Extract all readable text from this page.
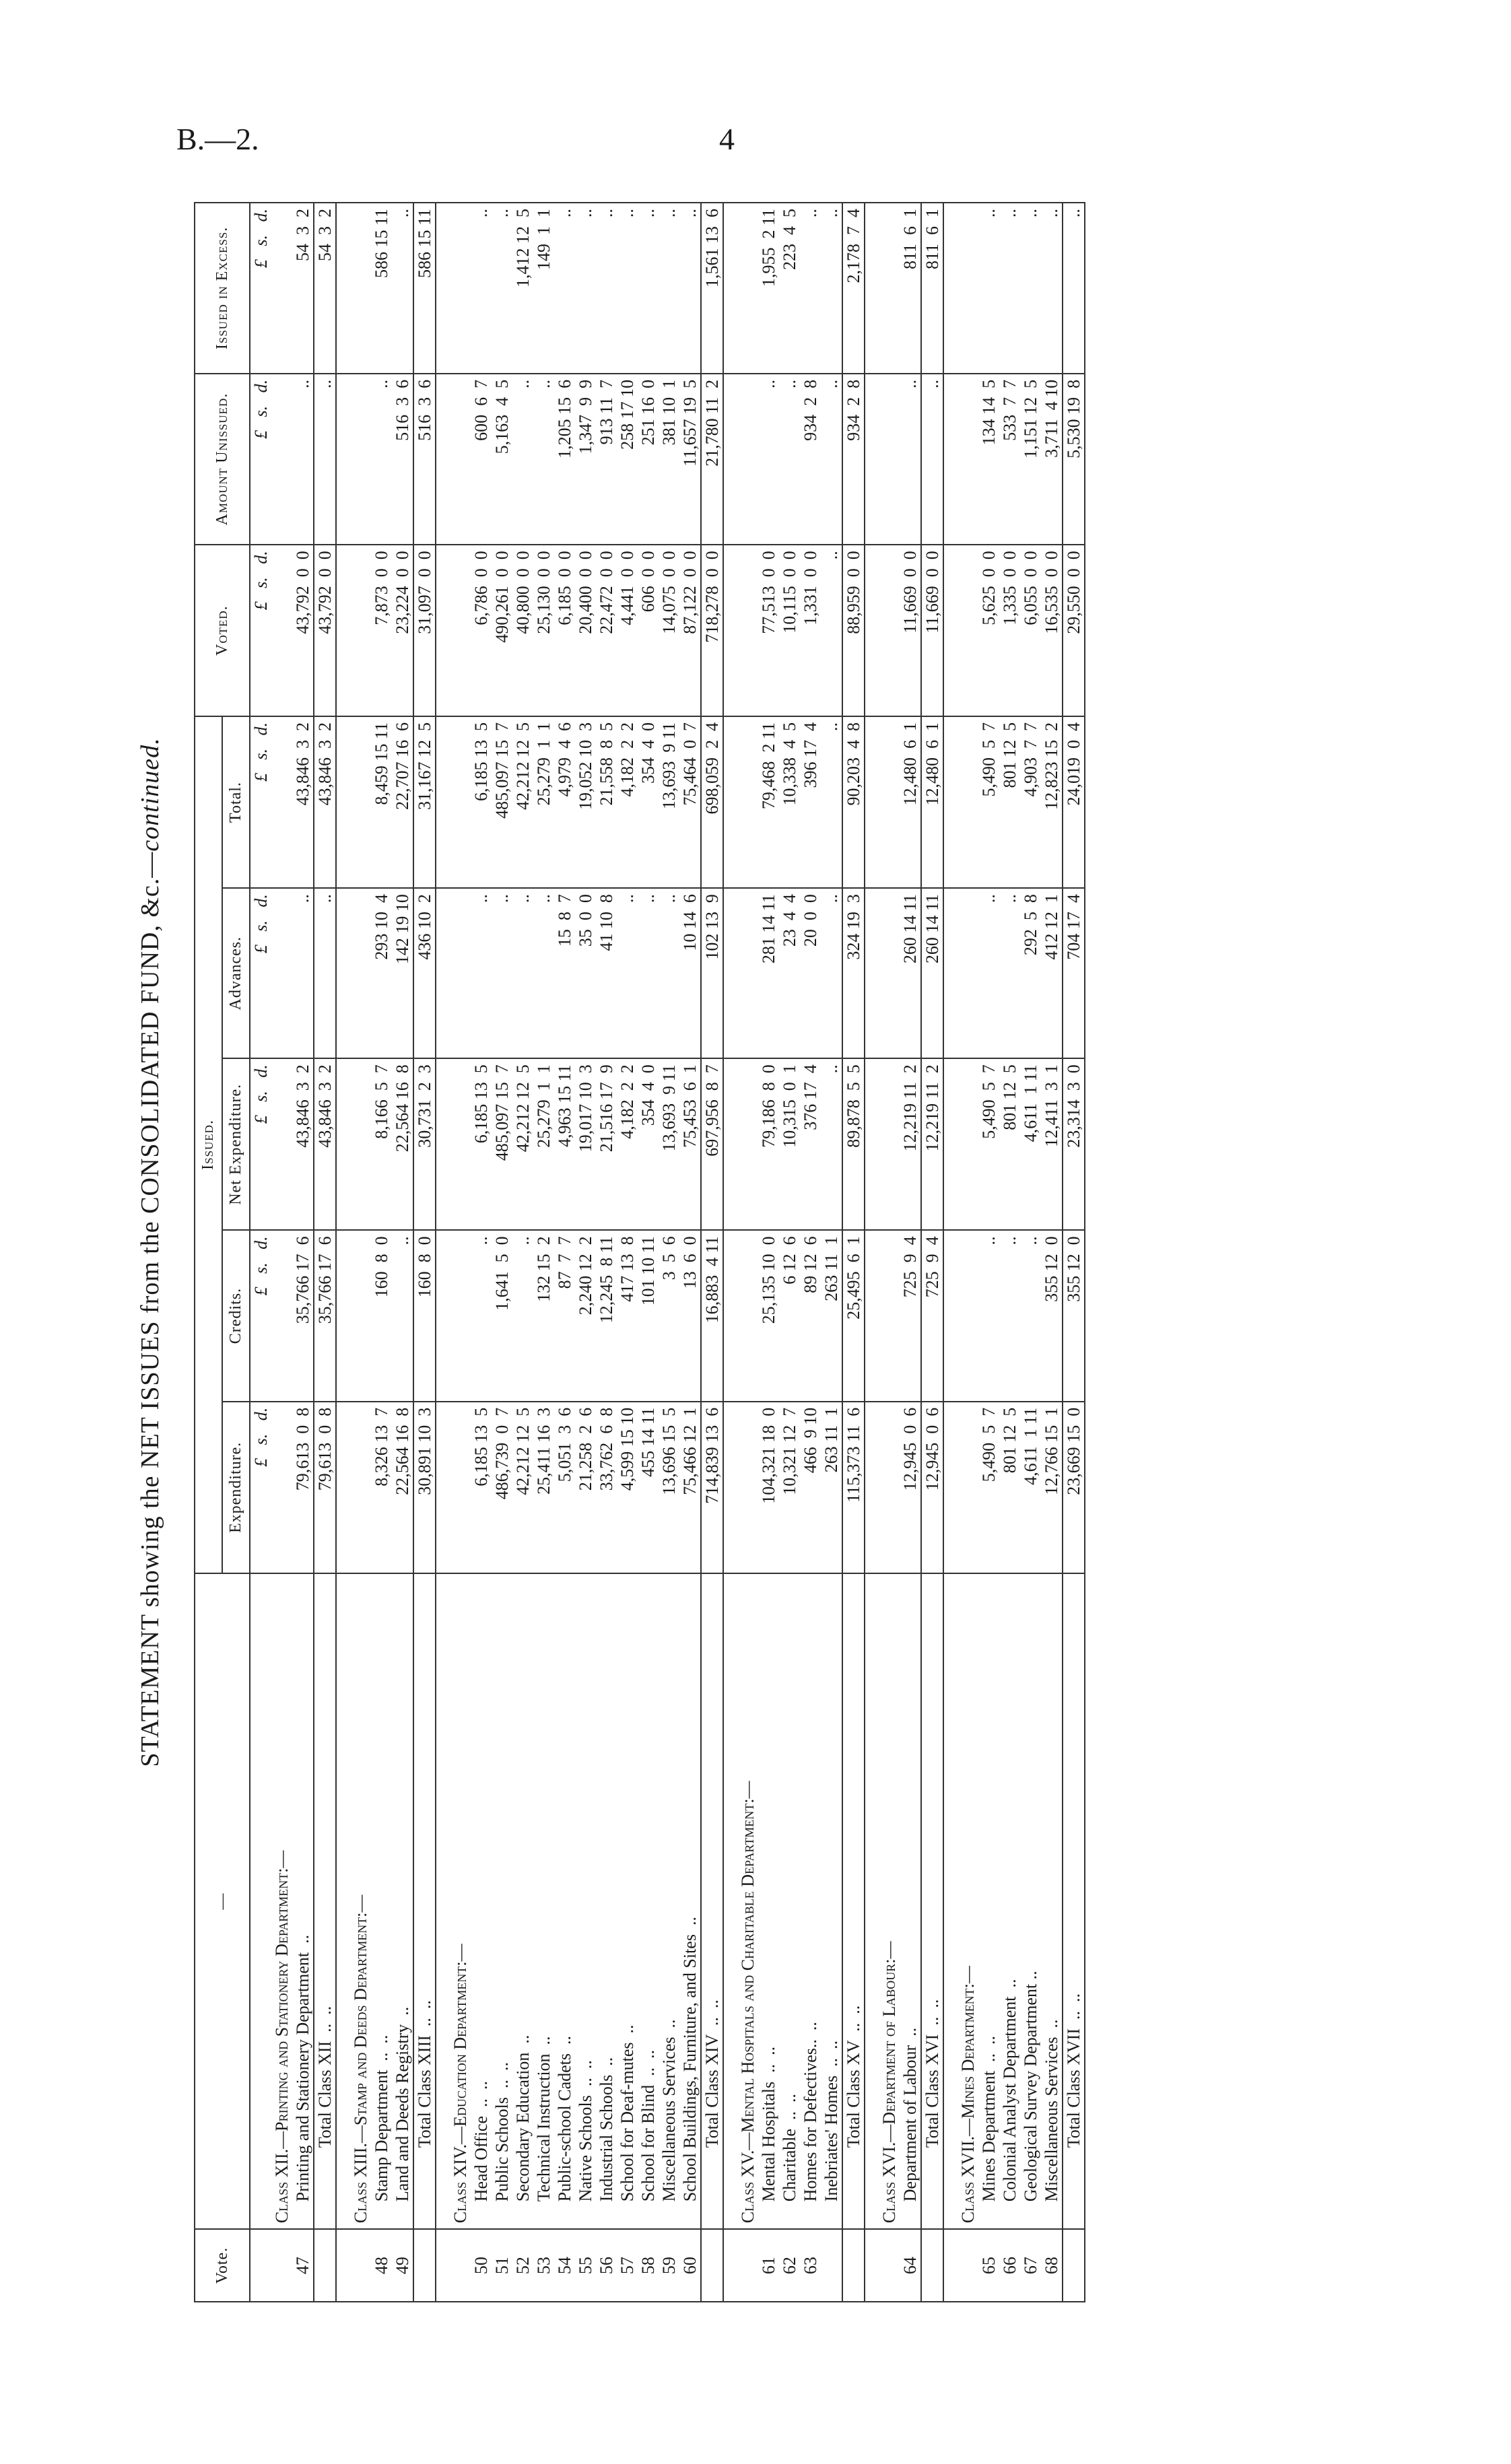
B.—2.	4
STATEMENT showing the NET ISSUES from the CONSOLIDATED FUND, &c.—continued.
Vote.	—	Issued.					Voted.	Amount Unissued.	Issued in Excess.
		Expenditure.	Credits.	Net Expenditure.	Advances.	Total.			
		£   s.   d.	£   s.   d.	£   s.   d.	£   s.   d.	£   s.   d.	£   s.   d.	£   s.   d.	£   s.   d.
	Class XII.—Printing and Stationery Department:—								
47	Printing and Stationery Department  ..	79,613  0  8	35,766 17  6	43,846  3  2	..	43,846  3  2	43,792  0  0	..	54  3  2
	Total Class XII  ..  ..	79,613  0  8	35,766 17  6	43,846  3  2	..	43,846  3  2	43,792  0  0	..	54  3  2

	Class XIII.—Stamp and Deeds Department:—								
48	Stamp Department  ..  ..	8,326 13  7	160  8  0	8,166  5  7	293 10  4	8,459 15 11	7,873  0  0	..	586 15 11
49	Land and Deeds Registry  ..	22,564 16  8	..	22,564 16  8	142 19 10	22,707 16  6	23,224  0  0	516  3  6	..
	Total Class XIII  ..  ..	30,891 10  3	160  8  0	30,731  2  3	436 10  2	31,167 12  5	31,097  0  0	516  3  6	586 15 11

	Class XIV.—Education Department:—								
50	Head Office  ..  ..	6,185 13  5	..	6,185 13  5	..	6,185 13  5	6,786  0  0	600  6  7	..
51	Public Schools  ..  ..	486,739  0  7	1,641  5  0	485,097 15  7	..	485,097 15  7	490,261  0  0	5,163  4  5	..
52	Secondary Education  ..	42,212 12  5	..	42,212 12  5	..	42,212 12  5	40,800  0  0	..	1,412 12  5
53	Technical Instruction  ..	25,411 16  3	132 15  2	25,279  1  1	..	25,279  1  1	25,130  0  0	..	149  1  1
54	Public-school Cadets  ..	5,051  3  6	87  7  7	4,963 15 11	15  8  7	4,979  4  6	6,185  0  0	1,205 15  6	..
55	Native Schools  ..  ..	21,258  2  6	2,240 12  2	19,017 10  3	35  0  0	19,052 10  3	20,400  0  0	1,347  9  9	..
56	Industrial Schools  ..	33,762  6  8	12,245  8 11	21,516 17  9	41 10  8	21,558  8  5	22,472  0  0	913 11  7	..
57	School for Deaf-mutes  ..	4,599 15 10	417 13  8	4,182  2  2	..	4,182  2  2	4,441  0  0	258 17 10	..
58	School for Blind  ..  ..	455 14 11	101 10 11	354  4  0	..	354  4  0	606  0  0	251 16  0	..
59	Miscellaneous Services  ..	13,696 15  5	3  5  6	13,693  9 11	..	13,693  9 11	14,075  0  0	381 10  1	..
60	School Buildings, Furniture, and Sites  ..	75,466 12  1	13  6  0	75,453  6  1	10 14  6	75,464  0  7	87,122  0  0	11,657 19  5	..
	Total Class XIV  ..  ..	714,839 13  6	16,883  4 11	697,956  8  7	102 13  9	698,059  2  4	718,278  0  0	21,780 11  2	1,561 13  6

	Class XV.—Mental Hospitals and Charitable Department:—								
61	Mental Hospitals  ..  ..	104,321 18  0	25,135 10  0	79,186  8  0	281 14 11	79,468  2 11	77,513  0  0	..	1,955  2 11
62	Charitable  ..  ..	10,321 12  7	6 12  6	10,315  0  1	23  4  4	10,338  4  5	10,115  0  0	..	223  4  5
63	Homes for Defectives..  ..	466  9 10	89 12  6	376 17  4	20  0  0	396 17  4	1,331  0  0	934  2  8	..
	Inebriates' Homes  ..  ..	263 11  1	263 11  1	..	..	..	..	..	..
	Total Class XV  ..  ..	115,373 11  6	25,495  6  1	89,878  5  5	324 19  3	90,203  4  8	88,959  0  0	934  2  8	2,178  7  4

	Class XVI.—Department of Labour:—								
64	Department of Labour  ..	12,945  0  6	725  9  4	12,219 11  2	260 14 11	12,480  6  1	11,669  0  0	..	811  6  1
	Total Class XVI  ..  ..	12,945  0  6	725  9  4	12,219 11  2	260 14 11	12,480  6  1	11,669  0  0	..	811  6  1

	Class XVII.—Mines Department:—								
65	Mines Department  ..  ..	5,490  5  7	..	5,490  5  7	..	5,490  5  7	5,625  0  0	134 14  5	..
66	Colonial Analyst Department  ..	801 12  5	..	801 12  5	..	801 12  5	1,335  0  0	533  7  7	..
67	Geological Survey Department ..	4,611  1 11	..	4,611  1 11	292  5  8	4,903  7  7	6,055  0  0	1,151 12  5	..
68	Miscellaneous Services  ..	12,766 15  1	355 12  0	12,411  3  1	412 12  1	12,823 15  2	16,535  0  0	3,711  4 10	..
	Total Class XVII  ..  ..	23,669 15  0	355 12  0	23,314  3  0	704 17  4	24,019  0  4	29,550  0  0	5,530 19  8	..
